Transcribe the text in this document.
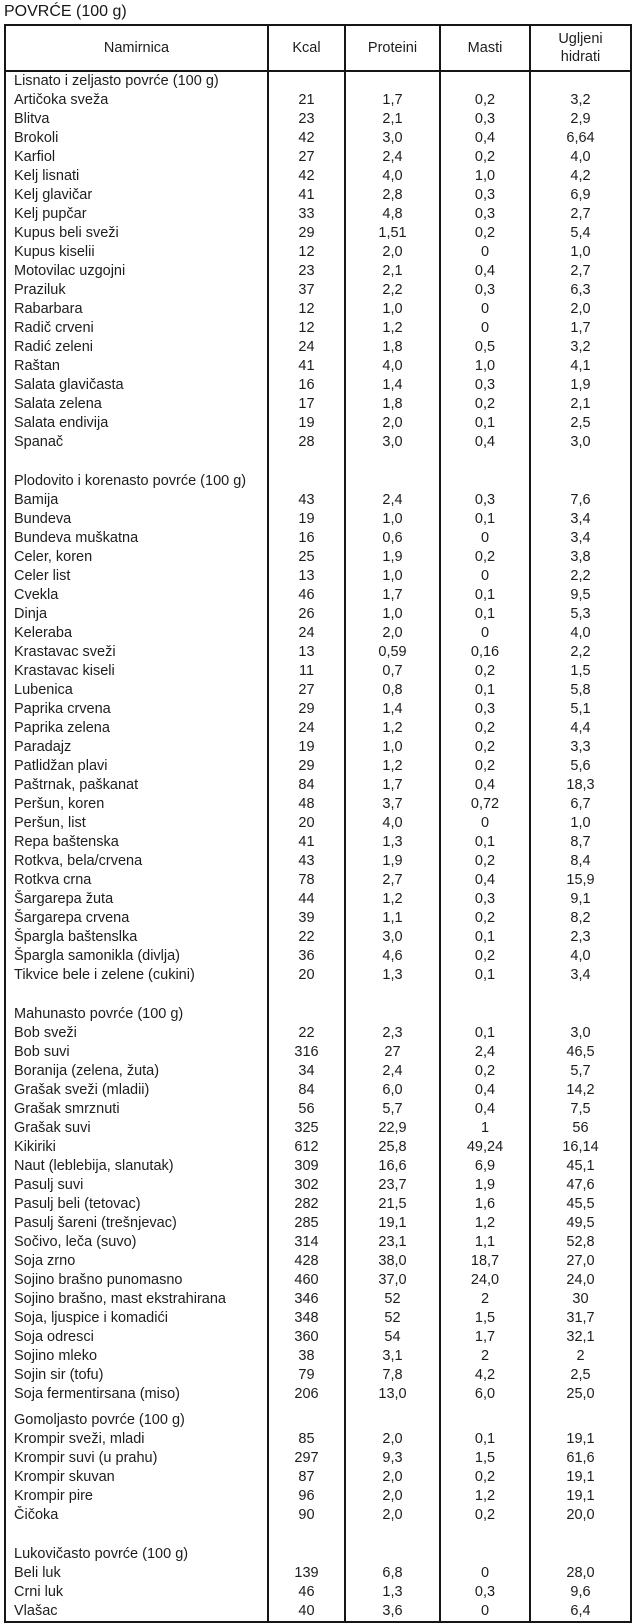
POVRĆE (100 g)
Namirnica	Kcal	Proteini	Masti	Ugljeni hidrati
Lisnato i zeljasto povrće (100 g)				
Artičoka sveža	21	1,7	0,2	3,2
Blitva	23	2,1	0,3	2,9
Brokoli	42	3,0	0,4	6,64
Karfiol	27	2,4	0,2	4,0
Kelj lisnati	42	4,0	1,0	4,2
Kelj glavičar	41	2,8	0,3	6,9
Kelj pupčar	33	4,8	0,3	2,7
Kupus beli sveži	29	1,51	0,2	5,4
Kupus kiselii	12	2,0	0	1,0
Motovilac uzgojni	23	2,1	0,4	2,7
Praziluk	37	2,2	0,3	6,3
Rabarbara	12	1,0	0	2,0
Radič crveni	12	1,2	0	1,7
Radić zeleni	24	1,8	0,5	3,2
Raštan	41	4,0	1,0	4,1
Salata glavičasta	16	1,4	0,3	1,9
Salata zelena	17	1,8	0,2	2,1
Salata endivija	19	2,0	0,1	2,5
Spanač	28	3,0	0,4	3,0

Plodovito i korenasto povrće (100 g)				
Bamija	43	2,4	0,3	7,6
Bundeva	19	1,0	0,1	3,4
Bundeva muškatna	16	0,6	0	3,4
Celer, koren	25	1,9	0,2	3,8
Celer list	13	1,0	0	2,2
Cvekla	46	1,7	0,1	9,5
Dinja	26	1,0	0,1	5,3
Keleraba	24	2,0	0	4,0
Krastavac sveži	13	0,59	0,16	2,2
Krastavac kiseli	11	0,7	0,2	1,5
Lubenica	27	0,8	0,1	5,8
Paprika crvena	29	1,4	0,3	5,1
Paprika zelena	24	1,2	0,2	4,4
Paradajz	19	1,0	0,2	3,3
Patlidžan plavi	29	1,2	0,2	5,6
Paštrnak, paškanat	84	1,7	0,4	18,3
Peršun, koren	48	3,7	0,72	6,7
Peršun, list	20	4,0	0	1,0
Repa baštenska	41	1,3	0,1	8,7
Rotkva, bela/crvena	43	1,9	0,2	8,4
Rotkva crna	78	2,7	0,4	15,9
Šargarepa žuta	44	1,2	0,3	9,1
Šargarepa crvena	39	1,1	0,2	8,2
Špargla baštenslka	22	3,0	0,1	2,3
Špargla samonikla (divlja)	36	4,6	0,2	4,0
Tikvice bele i zelene (cukini)	20	1,3	0,1	3,4

Mahunasto povrće (100 g)				
Bob sveži	22	2,3	0,1	3,0
Bob suvi	316	27	2,4	46,5
Boranija (zelena, žuta)	34	2,4	0,2	5,7
Grašak sveži (mladii)	84	6,0	0,4	14,2
Grašak smrznuti	56	5,7	0,4	7,5
Grašak suvi	325	22,9	1	56
Kikiriki	612	25,8	49,24	16,14
Naut (leblebija, slanutak)	309	16,6	6,9	45,1
Pasulj suvi	302	23,7	1,9	47,6
Pasulj beli (tetovac)	282	21,5	1,6	45,5
Pasulj šareni (trešnjevac)	285	19,1	1,2	49,5
Sočivo, leča (suvo)	314	23,1	1,1	52,8
Soja zrno	428	38,0	18,7	27,0
Sojino brašno punomasno	460	37,0	24,0	24,0
Sojino brašno, mast ekstrahirana	346	52	2	30
Soja, ljuspice i komadići	348	52	1,5	31,7
Soja odresci	360	54	1,7	32,1
Sojino mleko	38	3,1	2	2
Sojin sir (tofu)	79	7,8	4,2	2,5
Soja fermentirsana (miso)	206	13,0	6,0	25,0

Gomoljasto povrće (100 g)				
Krompir sveži, mladi	85	2,0	0,1	19,1
Krompir suvi (u prahu)	297	9,3	1,5	61,6
Krompir skuvan	87	2,0	0,2	19,1
Krompir pire	96	2,0	1,2	19,1
Čičoka	90	2,0	0,2	20,0

Lukovičasto povrće (100 g)				
Beli luk	139	6,8	0	28,0
Crni luk	46	1,3	0,3	9,6
Vlašac	40	3,6	0	6,4
